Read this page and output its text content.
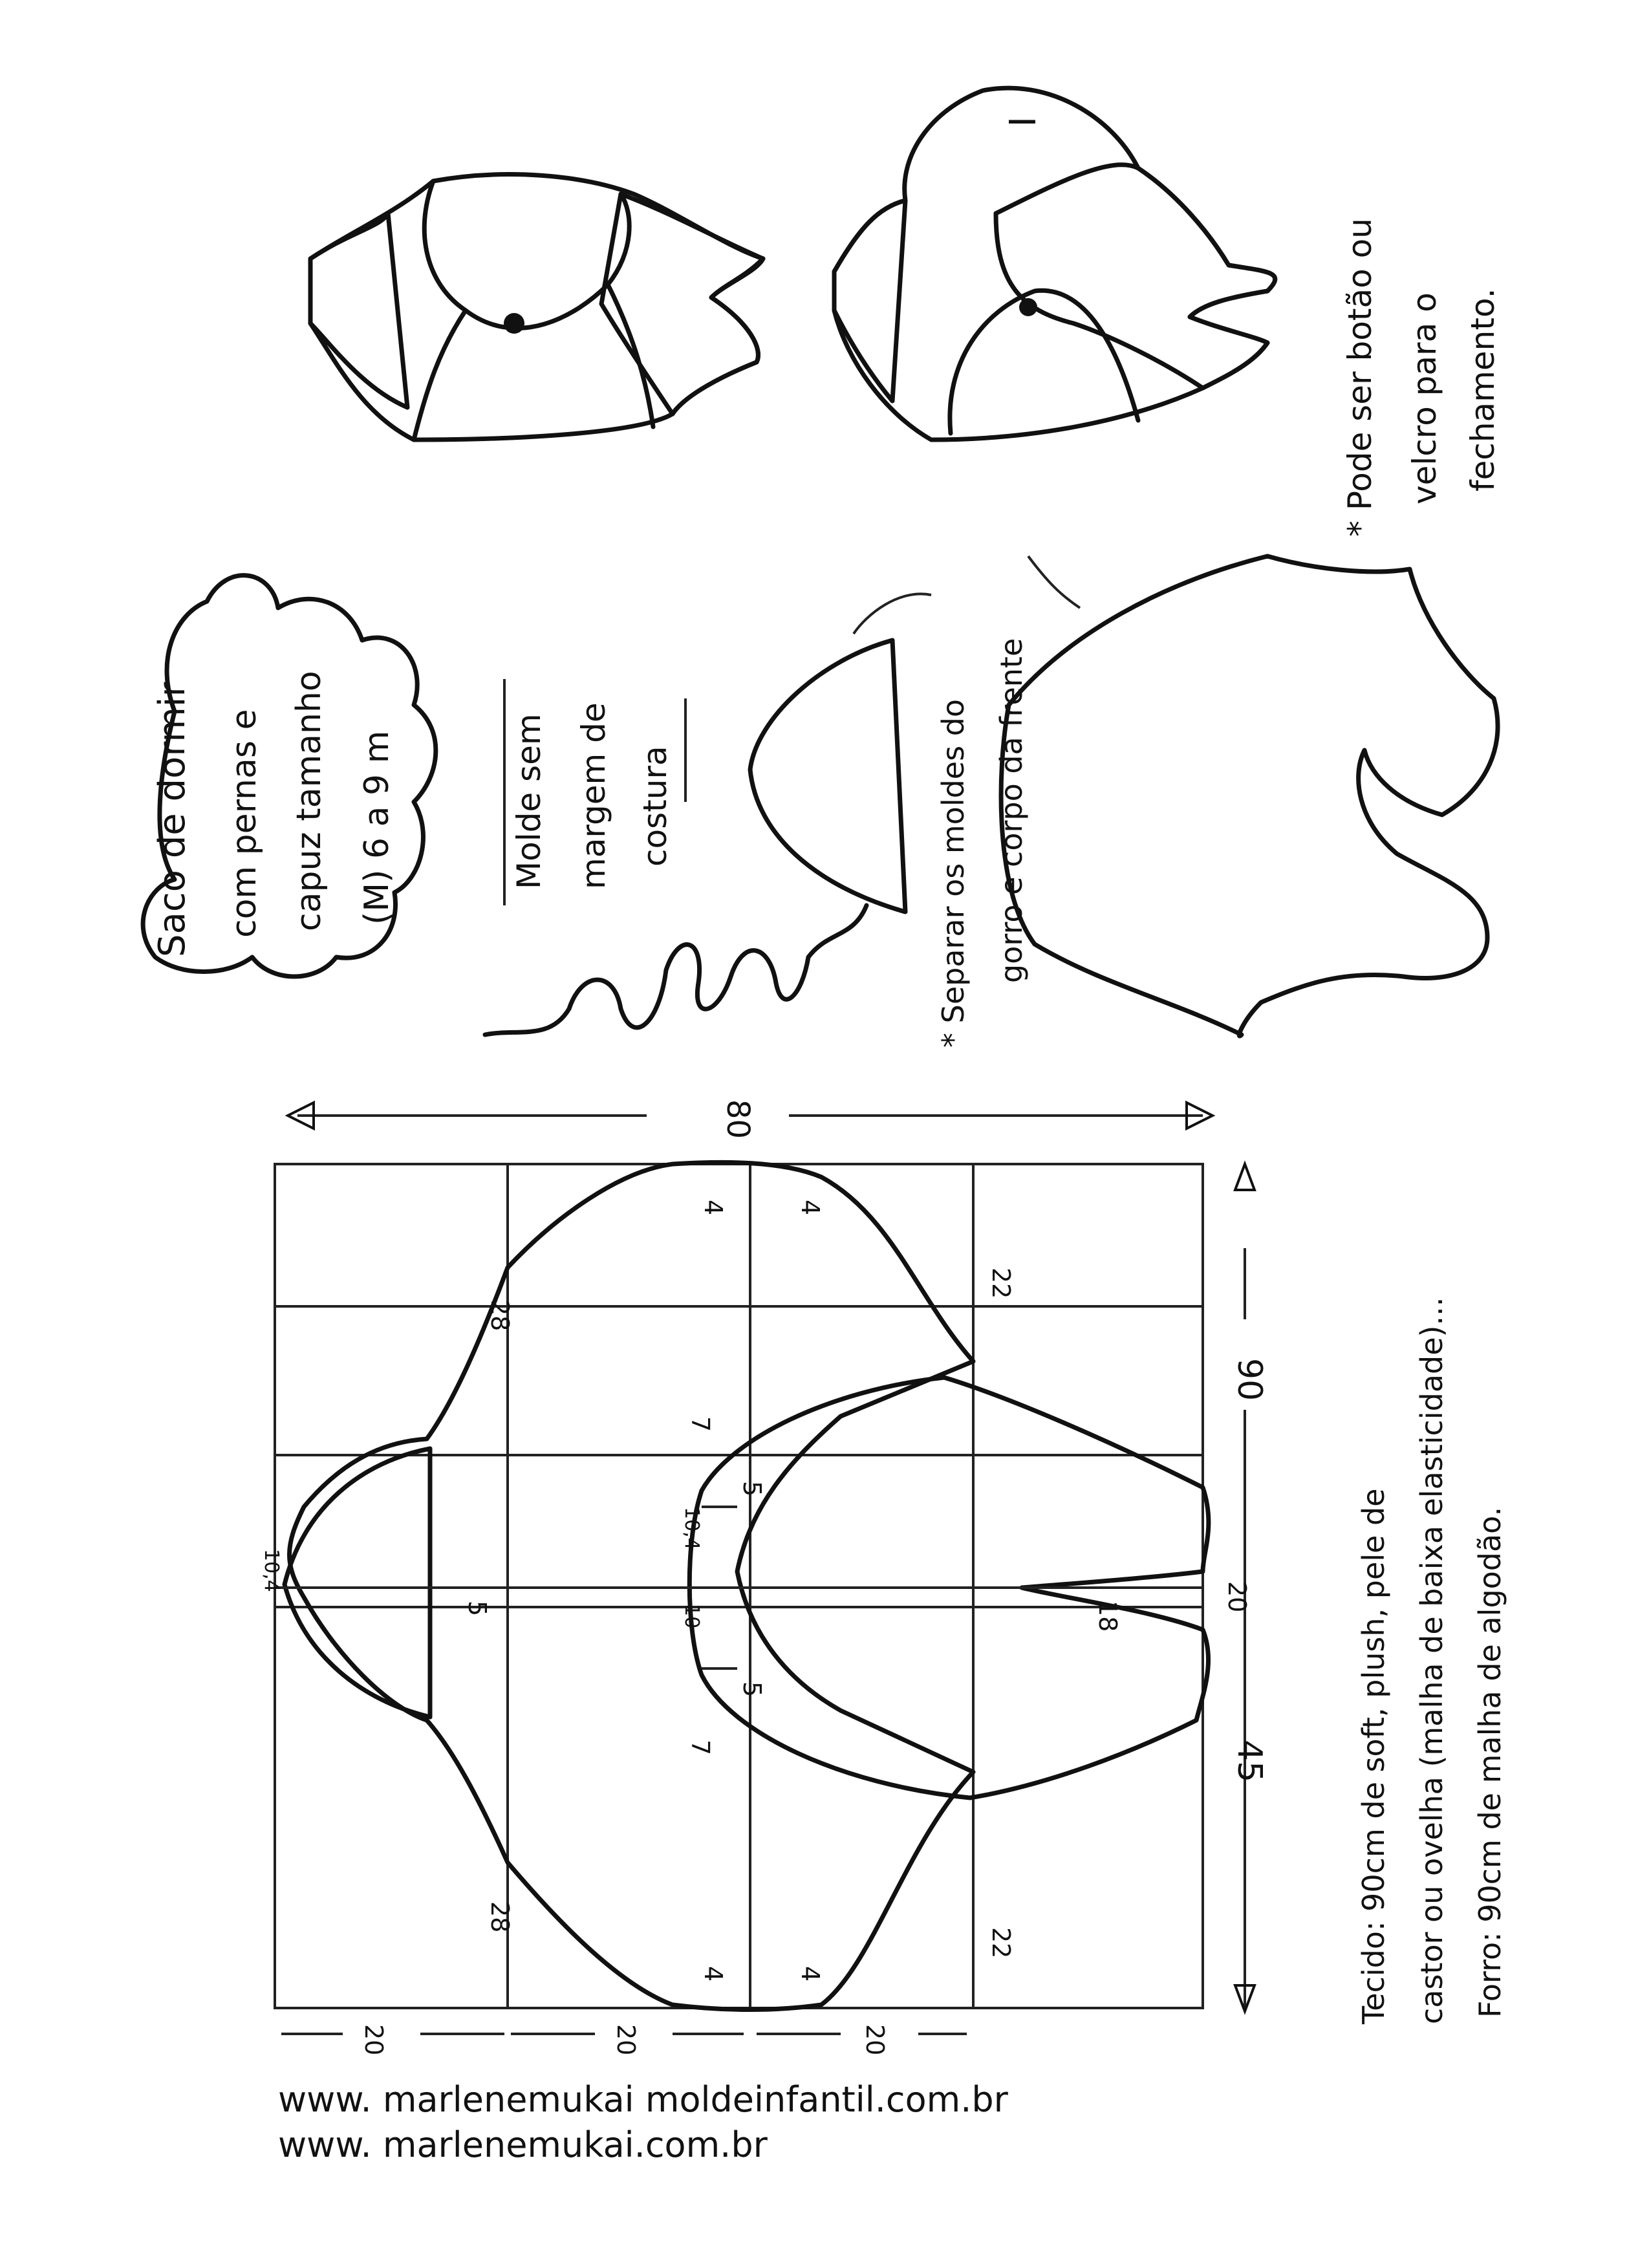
80
90
45
28
22
28
22
4	4
4	4
10,4
5
10,4
10
7
7
5
5
18
20
20	20	20
Saco de dormir com pernas e capuz tamanho (M) 6 a 9 m	Molde sem margem de costura	* Separar os moldes do gorro e corpo da frente
I
* Pode ser botão ou velcro para o fechamento.
Tecido: 90cm de soft, plush, pele de castor ou ovelha (malha de baixa elasticidade)... Forro: 90cm de malha de algodão.
www. marlenemukai moldeinfantil.com.br
www. marlenemukai.com.br
